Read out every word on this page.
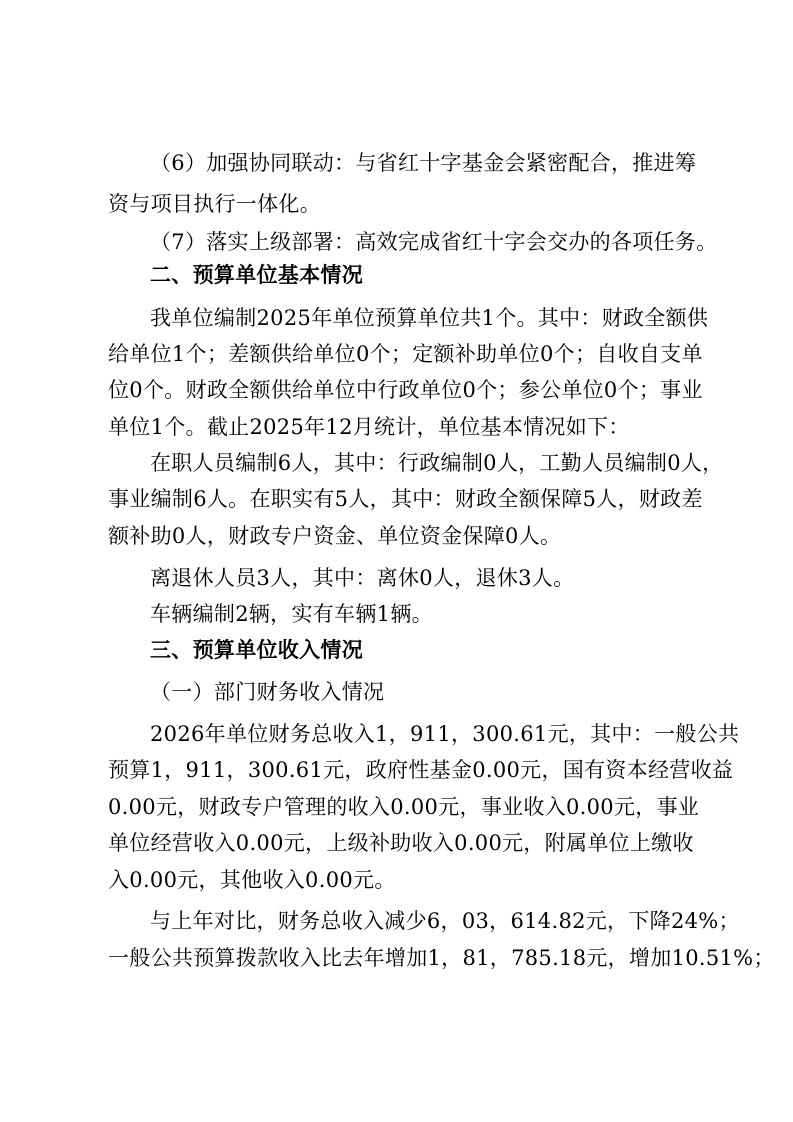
（6）加强协同联动：与省红十字基金会紧密配合，推进筹
资与项目执行一体化。
（7）落实上级部署：高效完成省红十字会交办的各项任务。
二、预算单位基本情况
我单位编制2025年单位预算单位共1个。其中：财政全额供
给单位1个；差额供给单位0个；定额补助单位0个；自收自支单
位0个。财政全额供给单位中行政单位0个；参公单位0个；事业
单位1个。截止2025年12月统计，单位基本情况如下：
在职人员编制6人，其中：行政编制0人，工勤人员编制0人，
事业编制6人。在职实有5人，其中：财政全额保障5人，财政差
额补助0人，财政专户资金、单位资金保障0人。
离退休人员3人，其中：离休0人，退休3人。
车辆编制2辆，实有车辆1辆。
三、预算单位收入情况
（一）部门财务收入情况
2026年单位财务总收入1，911，300.61元，其中：一般公共
预算1，911，300.61元，政府性基金0.00元，国有资本经营收益
0.00元，财政专户管理的收入0.00元，事业收入0.00元，事业
单位经营收入0.00元，上级补助收入0.00元，附属单位上缴收
入0.00元，其他收入0.00元。
与上年对比，财务总收入减少6，03，614.82元，下降24%；
一般公共预算拨款收入比去年增加1，81，785.18元，增加10.51%；
